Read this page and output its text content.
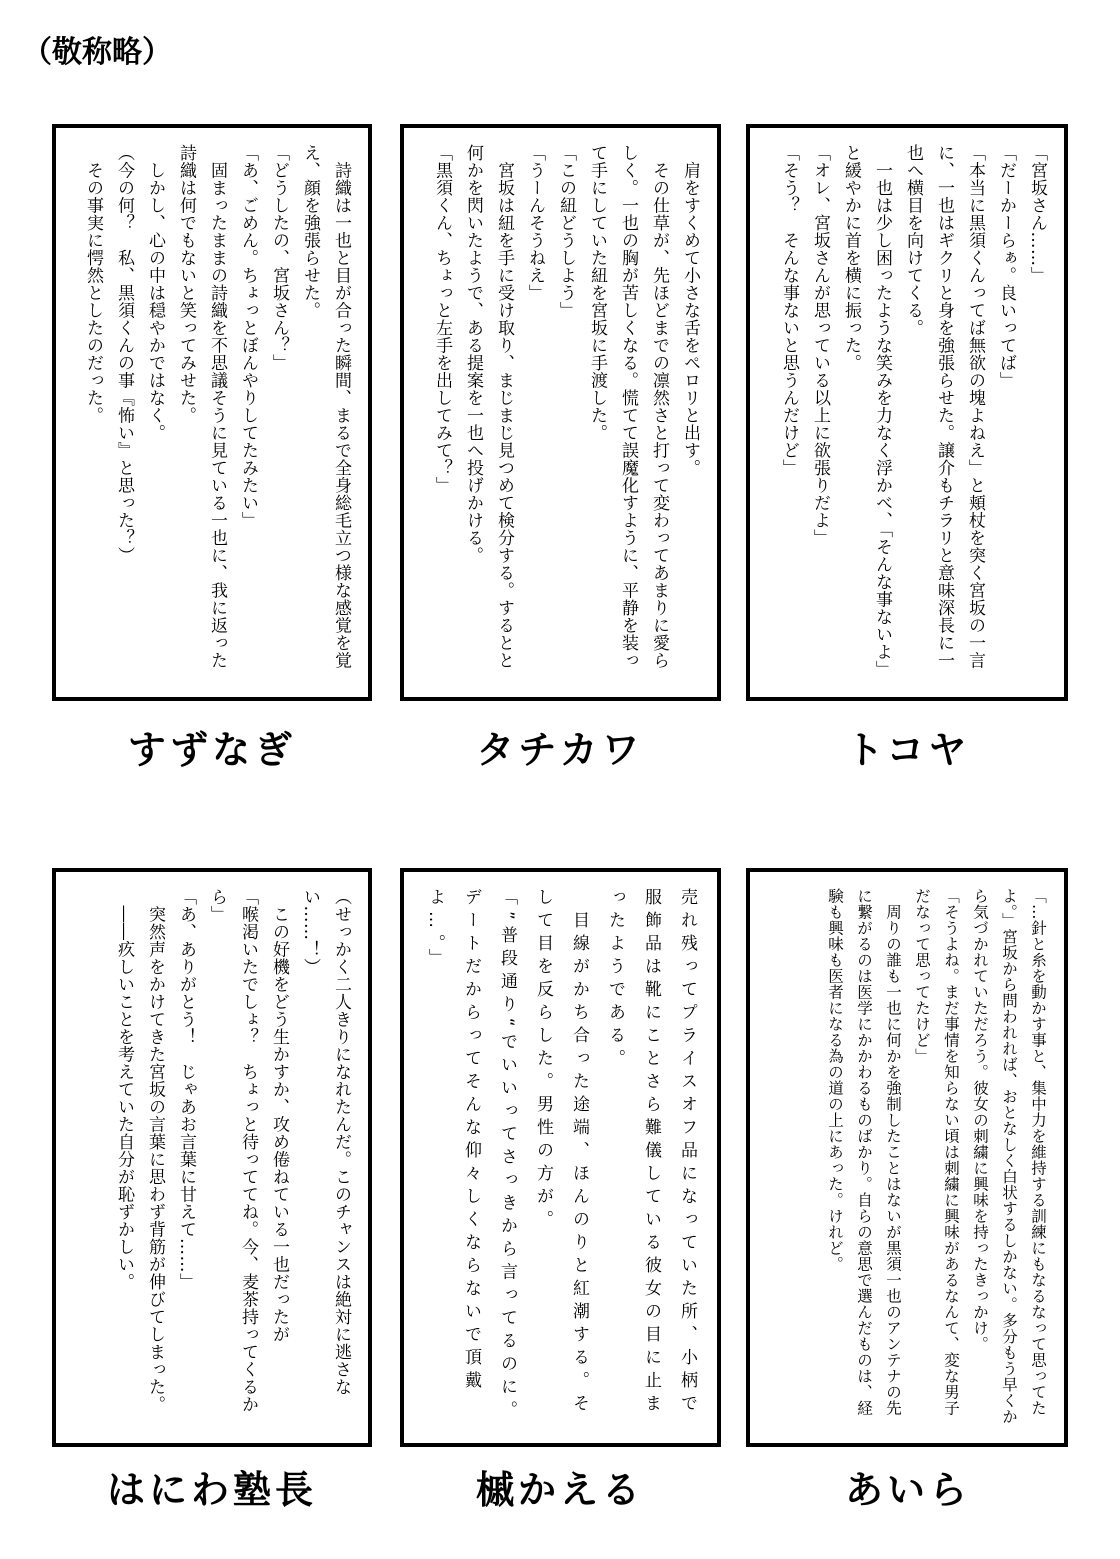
（敬称略）

　詩織は一也と目が合った瞬間、まるで全身総毛立つ様な感覚を覚え、顔を強張らせた。

「どうしたの、宮坂さん？」

「あ、ごめん。ちょっとぼんやりしてたみたい」

　固まったままの詩織を不思議そうに見ている一也に、我に返った詩織は何でもないと笑ってみせた。

　しかし、心の中は穏やかではなく。

（今の何？　私、黒須くんの事『怖い』と思った？）

　その事実に愕然としたのだった。

すずなぎ

　肩をすくめて小さな舌をペロリと出す。

　その仕草が、先ほどまでの凛然さと打って変わってあまりに愛らしく。一也の胸が苦しくなる。慌てて誤魔化すように、平静を装って手にしていた紐を宮坂に手渡した。

「この紐どうしよう」

「うーんそうねえ」

　宮坂は紐を手に受け取り、まじまじ見つめて検分する。するとと何かを閃いたようで、ある提案を一也へ投げかける。

「黒須くん、ちょっと左手を出してみて？」

タチカワ

「宮坂さん……」

「だーかーらぁ。良いってば」

「本当に黒須くんってば無欲の塊よねえ」と頬杖を突く宮坂の一言に、一也はギクリと身を強張らせた。譲介もチラリと意味深長に一也へ横目を向けてくる。

　一也は少し困ったような笑みを力なく浮かべ、「そんな事ないよ」と緩やかに首を横に振った。

「オレ、宮坂さんが思っている以上に欲張りだよ」

「そう？　そんな事ないと思うんだけど」

トコヤ

（せっかく二人きりになれたんだ。このチャンスは絶対に逃さない……！）

　この好機をどう生かすか、攻め倦ねている一也だったが

「喉渇いたでしょ？　ちょっと待っててね。今、麦茶持ってくるから」

「あ、ありがとう！　じゃあお言葉に甘えて……」

　突然声をかけてきた宮坂の言葉に思わず背筋が伸びてしまった。

　――疚しいことを考えていた自分が恥ずかしい。

はにわ塾長

売れ残ってプライスオフ品になっていた所、小柄で服飾品は靴にことさら難儀している彼女の目に止まったようである。

　目線がかち合った途端、ほんのりと紅潮する。そして目を反らした。男性の方が。

「”普段通り“でいいってさっきから言ってるのに。デートだからってそんな仰々しくならないで頂戴よ…。」

槭かえる

「…針と糸を動かす事と、集中力を維持する訓練にもなるなって思ってたよ。」宮坂から問われれば、おとなしく白状するしかない。多分もう早くから気づかれていただろう。彼女の刺繍に興味を持ったきっかけ。

「そうよね。まだ事情を知らない頃は刺繍に興味があるなんて、変な男子だなって思ってたけど」

　周りの誰も一也に何かを強制したことはないが黒須一也のアンテナの先に繋がるのは医学にかかわるものばかり。自らの意思で選んだものは、経験も興味も医者になる為の道の上にあった。けれど。

あいら
